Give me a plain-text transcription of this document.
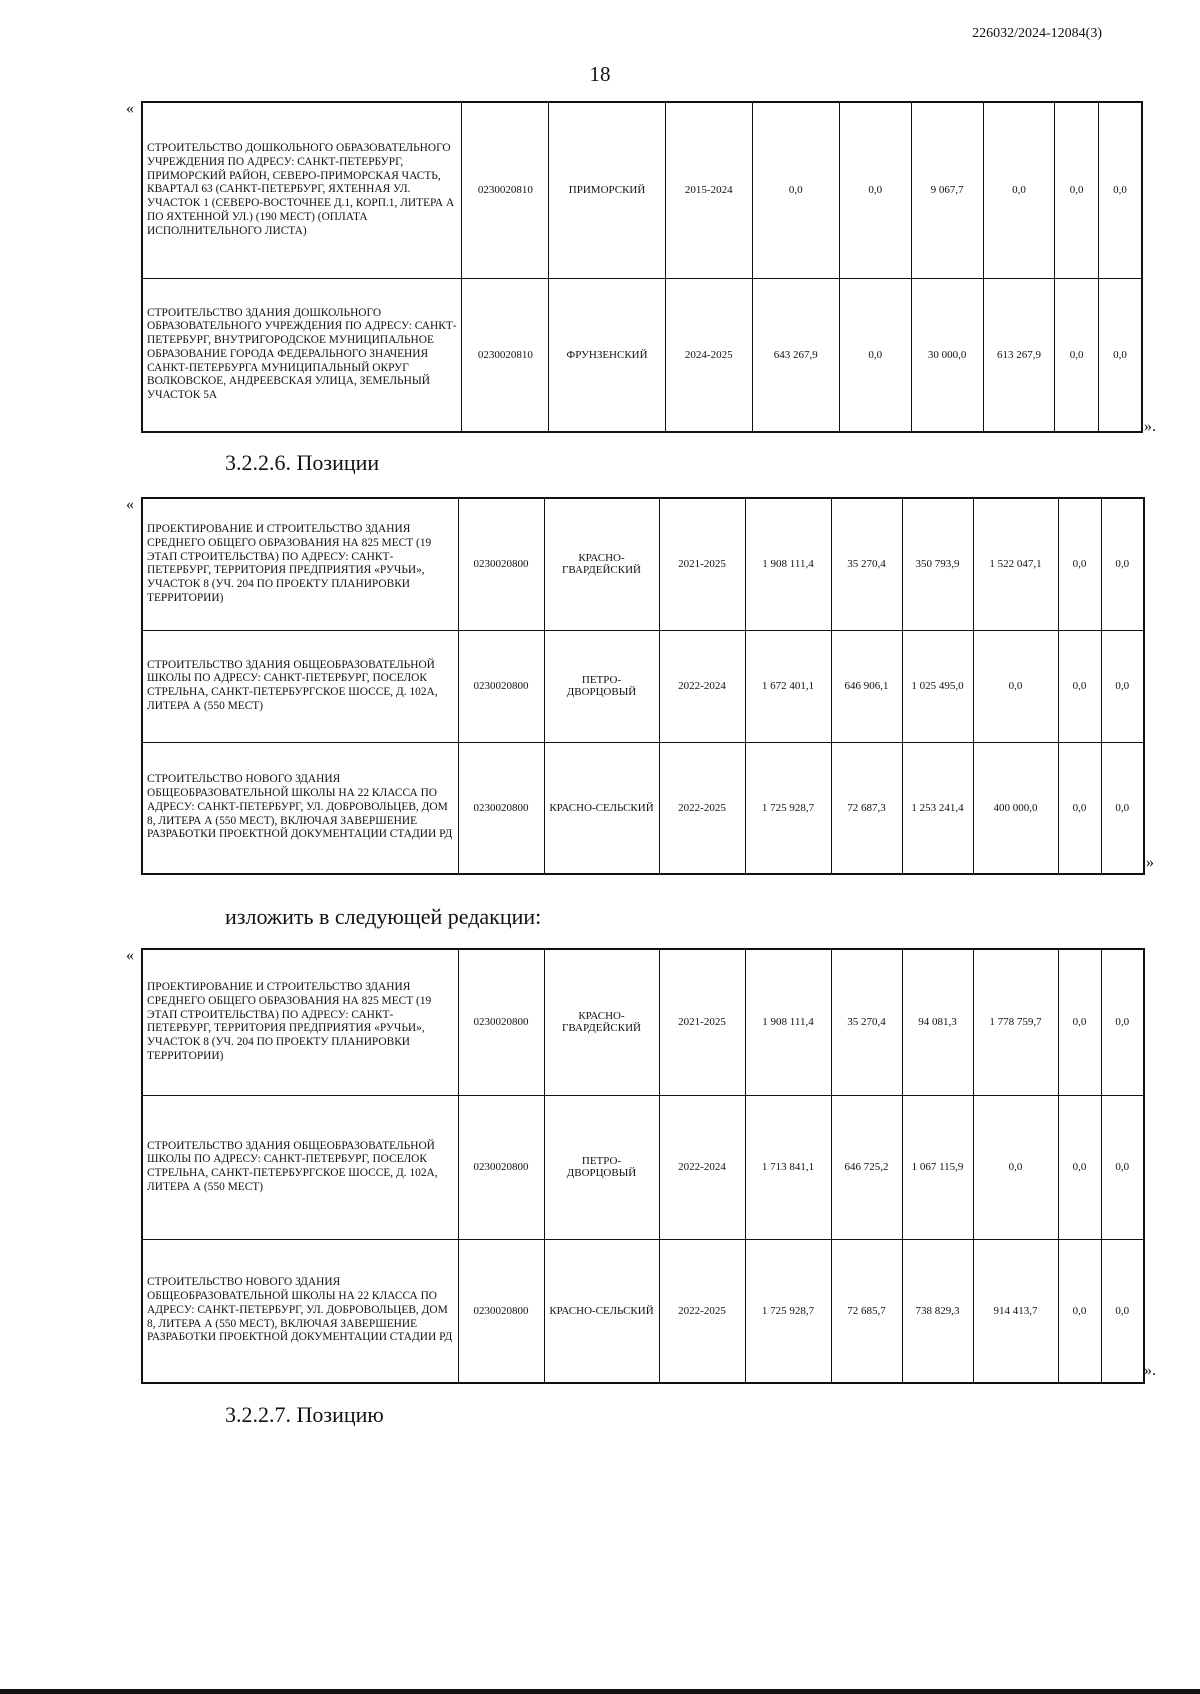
226032/2024-12084(3)
18
«
СТРОИТЕЛЬСТВО ДОШКОЛЬНОГО ОБРАЗОВАТЕЛЬНОГО УЧРЕЖДЕНИЯ ПО АДРЕСУ: САНКТ-ПЕТЕРБУРГ, ПРИМОРСКИЙ РАЙОН, СЕВЕРО-ПРИМОРСКАЯ ЧАСТЬ, КВАРТАЛ 63 (САНКТ-ПЕТЕРБУРГ, ЯХТЕННАЯ УЛ. УЧАСТОК 1 (СЕВЕРО-ВОСТОЧНЕЕ Д.1, КОРП.1, ЛИТЕРА А ПО ЯХТЕННОЙ УЛ.) (190 МЕСТ) (ОПЛАТА ИСПОЛНИТЕЛЬНОГО ЛИСТА)	0230020810	ПРИМОРСКИЙ	2015-2024	0,0	0,0	9 067,7	0,0	0,0	0,0
СТРОИТЕЛЬСТВО ЗДАНИЯ ДОШКОЛЬНОГО ОБРАЗОВАТЕЛЬНОГО УЧРЕЖДЕНИЯ ПО АДРЕСУ: САНКТ-ПЕТЕРБУРГ, ВНУТРИГОРОДСКОЕ МУНИЦИПАЛЬНОЕ ОБРАЗОВАНИЕ ГОРОДА ФЕДЕРАЛЬНОГО ЗНАЧЕНИЯ САНКТ-ПЕТЕРБУРГА МУНИЦИПАЛЬНЫЙ ОКРУГ ВОЛКОВСКОЕ, АНДРЕЕВСКАЯ УЛИЦА, ЗЕМЕЛЬНЫЙ УЧАСТОК 5А	0230020810	ФРУНЗЕНСКИЙ	2024-2025	643 267,9	0,0	30 000,0	613 267,9	0,0	0,0
».
3.2.2.6. Позиции
«
ПРОЕКТИРОВАНИЕ И СТРОИТЕЛЬСТВО ЗДАНИЯ СРЕДНЕГО ОБЩЕГО ОБРАЗОВАНИЯ НА 825 МЕСТ (19 ЭТАП СТРОИТЕЛЬСТВА) ПО АДРЕСУ: САНКТ-ПЕТЕРБУРГ, ТЕРРИТОРИЯ ПРЕДПРИЯТИЯ «РУЧЬИ», УЧАСТОК 8 (УЧ. 204 ПО ПРОЕКТУ ПЛАНИРОВКИ ТЕРРИТОРИИ)	0230020800	КРАСНО-ГВАРДЕЙСКИЙ	2021-2025	1 908 111,4	35 270,4	350 793,9	1 522 047,1	0,0	0,0
СТРОИТЕЛЬСТВО ЗДАНИЯ ОБЩЕОБРАЗОВАТЕЛЬНОЙ ШКОЛЫ ПО АДРЕСУ: САНКТ-ПЕТЕРБУРГ, ПОСЕЛОК СТРЕЛЬНА, САНКТ-ПЕТЕРБУРГСКОЕ ШОССЕ, Д. 102А, ЛИТЕРА А (550 МЕСТ)	0230020800	ПЕТРО-ДВОРЦОВЫЙ	2022-2024	1 672 401,1	646 906,1	1 025 495,0	0,0	0,0	0,0
СТРОИТЕЛЬСТВО НОВОГО ЗДАНИЯ ОБЩЕОБРАЗОВАТЕЛЬНОЙ ШКОЛЫ НА 22 КЛАССА ПО АДРЕСУ: САНКТ-ПЕТЕРБУРГ, УЛ. ДОБРОВОЛЬЦЕВ, ДОМ 8, ЛИТЕРА А (550 МЕСТ), ВКЛЮЧАЯ ЗАВЕРШЕНИЕ РАЗРАБОТКИ ПРОЕКТНОЙ ДОКУМЕНТАЦИИ СТАДИИ РД	0230020800	КРАСНО-СЕЛЬСКИЙ	2022-2025	1 725 928,7	72 687,3	1 253 241,4	400 000,0	0,0	0,0
»
изложить в следующей редакции:
«
ПРОЕКТИРОВАНИЕ И СТРОИТЕЛЬСТВО ЗДАНИЯ СРЕДНЕГО ОБЩЕГО ОБРАЗОВАНИЯ НА 825 МЕСТ (19 ЭТАП СТРОИТЕЛЬСТВА) ПО АДРЕСУ: САНКТ-ПЕТЕРБУРГ, ТЕРРИТОРИЯ ПРЕДПРИЯТИЯ «РУЧЬИ», УЧАСТОК 8 (УЧ. 204 ПО ПРОЕКТУ ПЛАНИРОВКИ ТЕРРИТОРИИ)	0230020800	КРАСНО-ГВАРДЕЙСКИЙ	2021-2025	1 908 111,4	35 270,4	94 081,3	1 778 759,7	0,0	0,0
СТРОИТЕЛЬСТВО ЗДАНИЯ ОБЩЕОБРАЗОВАТЕЛЬНОЙ ШКОЛЫ ПО АДРЕСУ: САНКТ-ПЕТЕРБУРГ, ПОСЕЛОК СТРЕЛЬНА, САНКТ-ПЕТЕРБУРГСКОЕ ШОССЕ, Д. 102А, ЛИТЕРА А (550 МЕСТ)	0230020800	ПЕТРО-ДВОРЦОВЫЙ	2022-2024	1 713 841,1	646 725,2	1 067 115,9	0,0	0,0	0,0
СТРОИТЕЛЬСТВО НОВОГО ЗДАНИЯ ОБЩЕОБРАЗОВАТЕЛЬНОЙ ШКОЛЫ НА 22 КЛАССА ПО АДРЕСУ: САНКТ-ПЕТЕРБУРГ, УЛ. ДОБРОВОЛЬЦЕВ, ДОМ 8, ЛИТЕРА А (550 МЕСТ), ВКЛЮЧАЯ ЗАВЕРШЕНИЕ РАЗРАБОТКИ ПРОЕКТНОЙ ДОКУМЕНТАЦИИ СТАДИИ РД	0230020800	КРАСНО-СЕЛЬСКИЙ	2022-2025	1 725 928,7	72 685,7	738 829,3	914 413,7	0,0	0,0
».
3.2.2.7. Позицию
